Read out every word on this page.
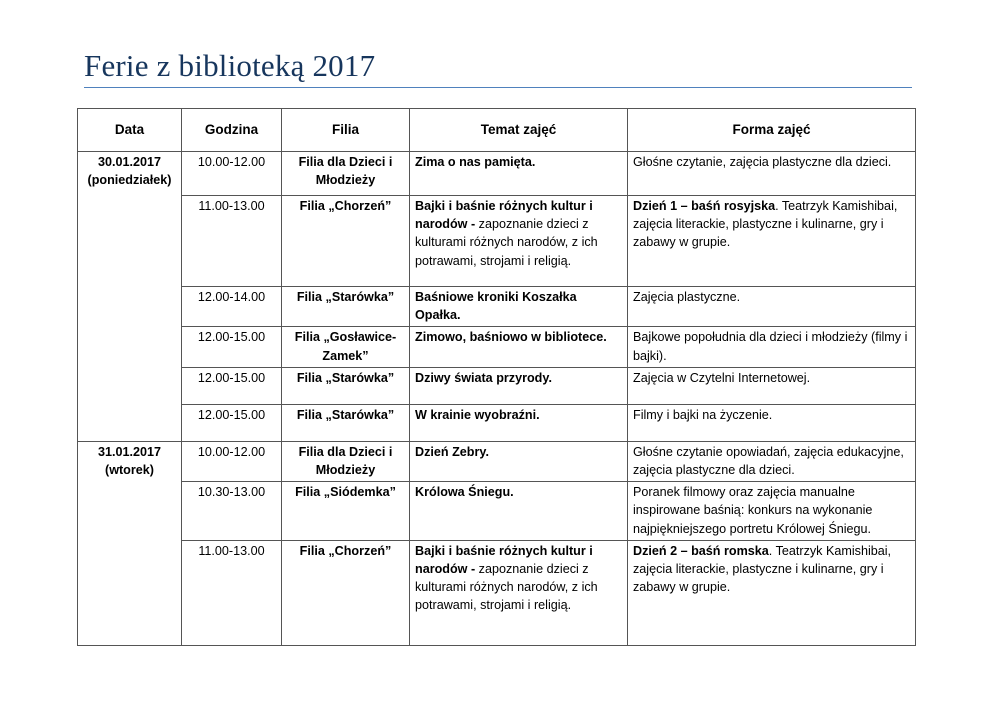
Ferie z biblioteką 2017
Data	Godzina	Filia	Temat zajęć	Forma zajęć

30.01.2017
(poniedziałek)	10.00-12.00	Filia dla Dzieci i Młodzieży	Zima o nas pamięta.	Głośne czytanie, zajęcia plastyczne dla dzieci.

	11.00-13.00	Filia „Chorzeń”	Bajki i baśnie różnych kultur i narodów - zapoznanie dzieci z kulturami różnych narodów, z ich potrawami, strojami i religią.	Dzień 1 – baśń rosyjska. Teatrzyk Kamishibai, zajęcia literackie, plastyczne i kulinarne, gry i zabawy w grupie.

	12.00-14.00	Filia „Starówka”	Baśniowe kroniki Koszałka Opałka.	Zajęcia plastyczne.

	12.00-15.00	Filia „Gosławice-Zamek”	Zimowo, baśniowo w bibliotece.	Bajkowe popołudnia dla dzieci i młodzieży (filmy i bajki).

	12.00-15.00	Filia „Starówka”	Dziwy świata przyrody.	Zajęcia w Czytelni Internetowej.

	12.00-15.00	Filia „Starówka”	W krainie wyobraźni.	Filmy i bajki na życzenie.

31.01.2017
(wtorek)	10.00-12.00	Filia dla Dzieci i Młodzieży	Dzień Zebry.	Głośne czytanie opowiadań, zajęcia edukacyjne, zajęcia plastyczne dla dzieci.

	10.30-13.00	Filia „Siódemka”	Królowa Śniegu.	Poranek filmowy oraz zajęcia manualne inspirowane baśnią: konkurs na wykonanie najpiękniejszego portretu Królowej Śniegu.

	11.00-13.00	Filia „Chorzeń”	Bajki i baśnie różnych kultur i narodów - zapoznanie dzieci z kulturami różnych narodów, z ich potrawami, strojami i religią.	Dzień 2 – baśń romska. Teatrzyk Kamishibai, zajęcia literackie, plastyczne i kulinarne, gry i zabawy w grupie.
